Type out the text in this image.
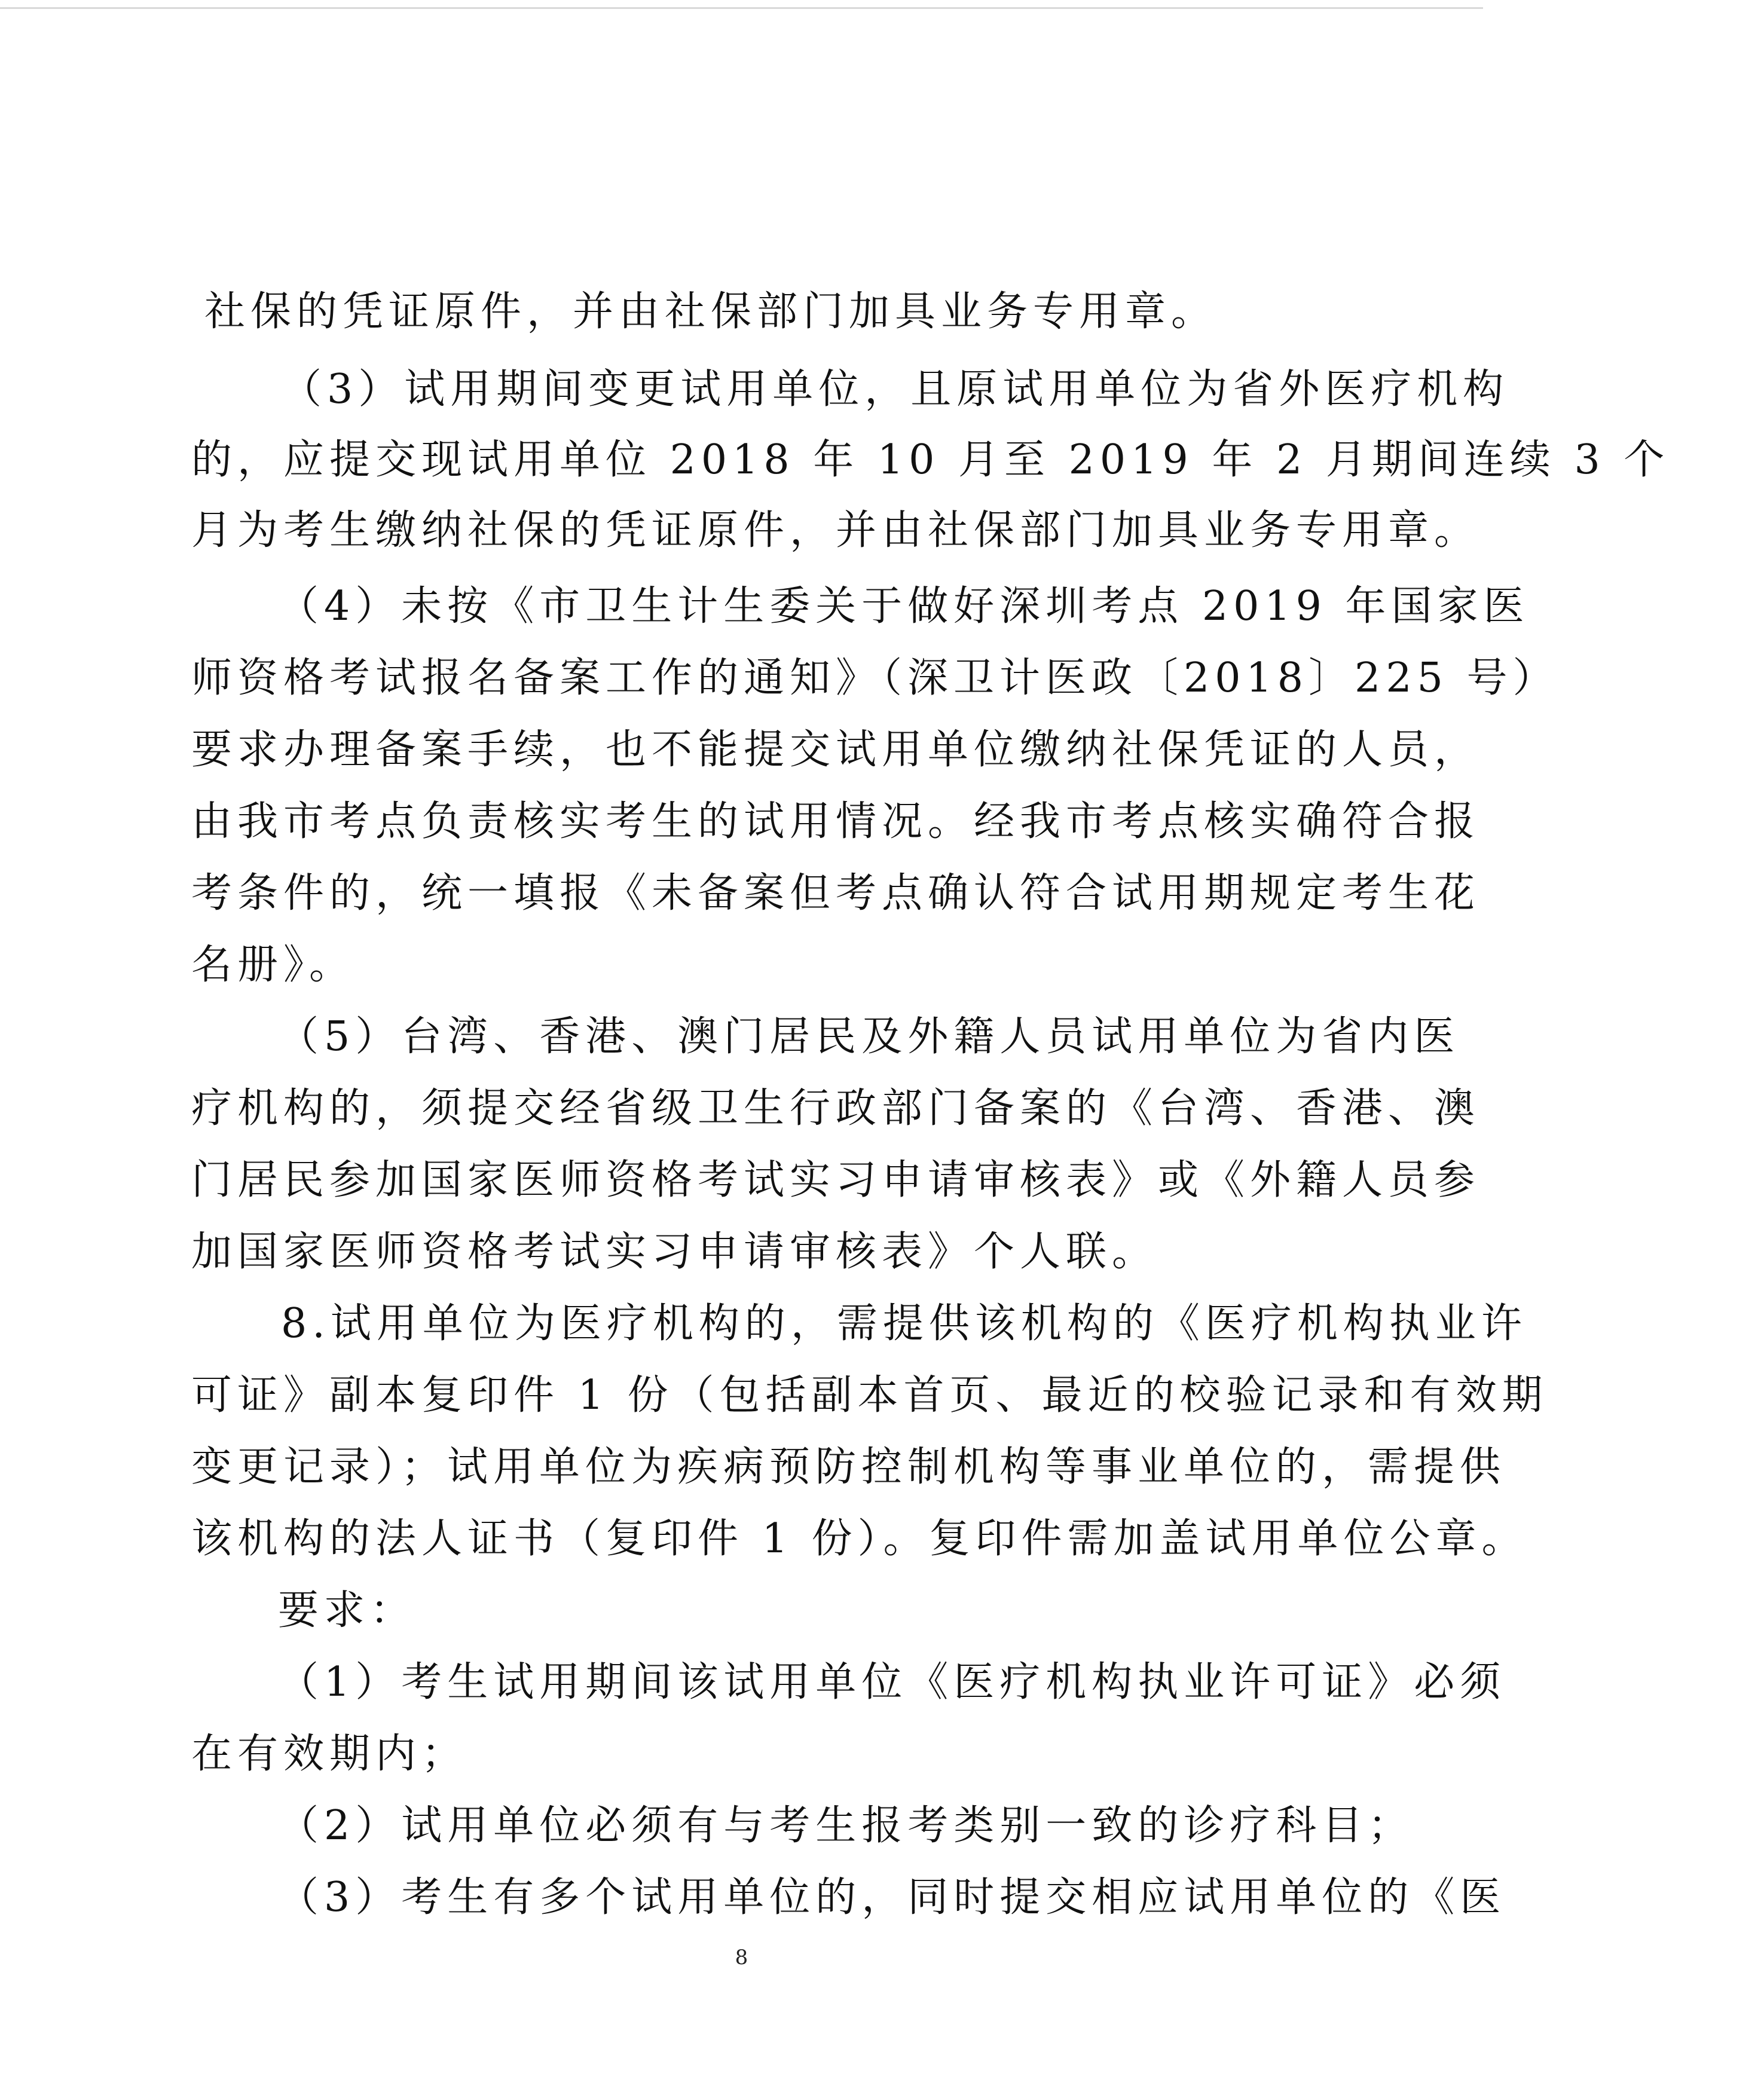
社保的凭证原件，并由社保部门加具业务专用章。

（3）试用期间变更试用单位，且原试用单位为省外医疗机构

的，应提交现试用单位 2018 年 10 月至 2019 年 2 月期间连续 3 个

月为考生缴纳社保的凭证原件，并由社保部门加具业务专用章。

（4）未按《市卫生计生委关于做好深圳考点 2019 年国家医

师资格考试报名备案工作的通知》（深卫计医政〔2018〕225 号）

要求办理备案手续，也不能提交试用单位缴纳社保凭证的人员，

由我市考点负责核实考生的试用情况。经我市考点核实确符合报

考条件的，统一填报《未备案但考点确认符合试用期规定考生花

名册》。

（5）台湾、香港、澳门居民及外籍人员试用单位为省内医

疗机构的，须提交经省级卫生行政部门备案的《台湾、香港、澳

门居民参加国家医师资格考试实习申请审核表》或《外籍人员参

加国家医师资格考试实习申请审核表》个人联。

8.试用单位为医疗机构的，需提供该机构的《医疗机构执业许

可证》副本复印件 1 份（包括副本首页、最近的校验记录和有效期

变更记录）；试用单位为疾病预防控制机构等事业单位的，需提供

该机构的法人证书（复印件 1 份）。复印件需加盖试用单位公章。

要求：

（1）考生试用期间该试用单位《医疗机构执业许可证》必须

在有效期内；

（2）试用单位必须有与考生报考类别一致的诊疗科目；

（3）考生有多个试用单位的，同时提交相应试用单位的《医

8
